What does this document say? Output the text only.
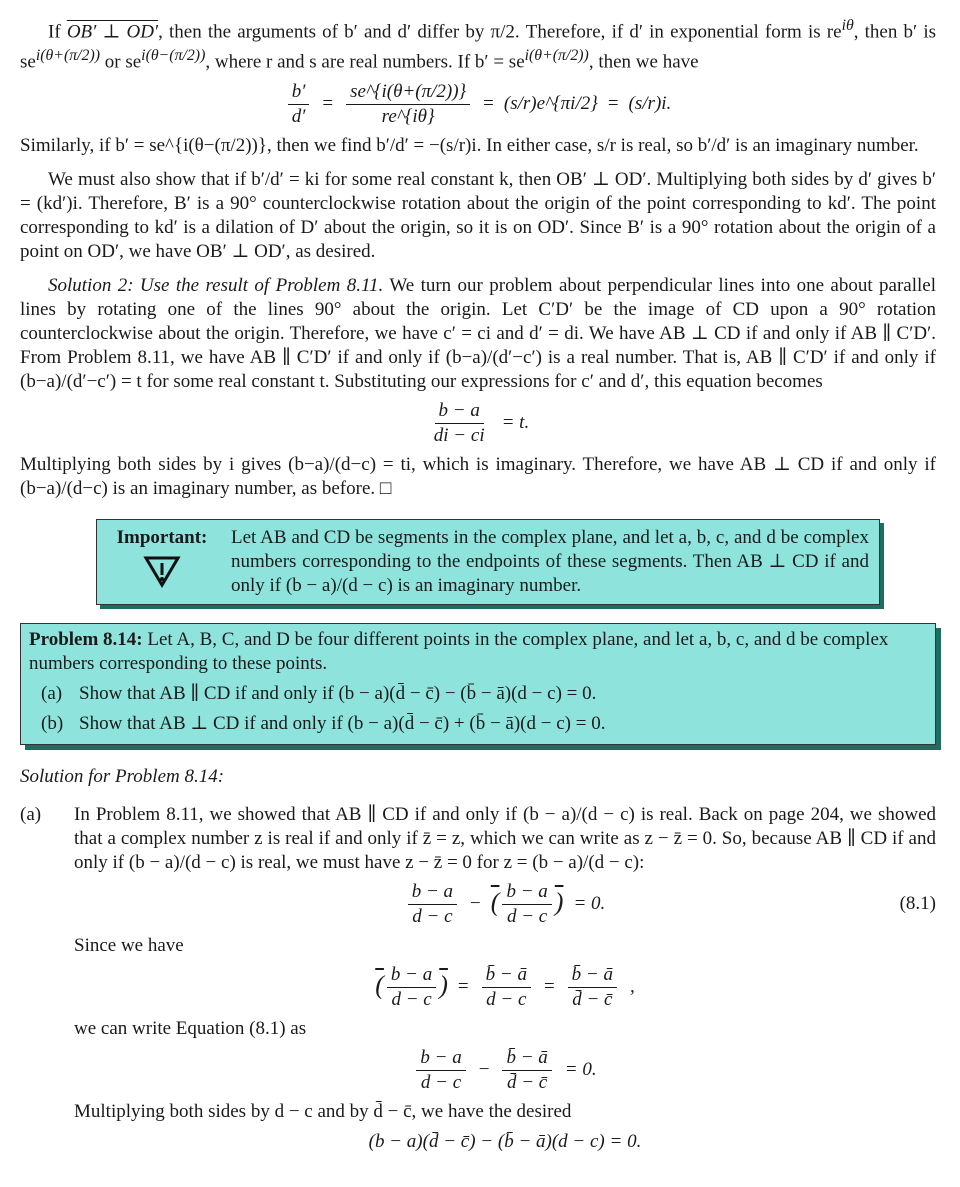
If OB′ ⊥ OD′, then the arguments of b′ and d′ differ by π/2. Therefore, if d′ in exponential form is $re^{i\theta}$, then b′ is $se^{i(\theta+(\pi/2))}$ or $se^{i(\theta-(\pi/2))}$, where r and s are real numbers. If $b' = se^{i(\theta+(\pi/2))}$, then we have

$\frac{b'}{d'} = \frac{se\^{}\{i(\theta+(\pi/2))\}}{re\^{}\{i\theta\}}$ = (s/r)e^{πi/2} = (s/r)i.

Similarly, if b′ = se^{i(θ−(π/2))}, then we find b′/d′ = −(s/r)i. In either case, s/r is real, so b′/d′ is an imaginary number.

We must also show that if b′/d′ = ki for some real constant k, then OB′ ⊥ OD′. Multiplying both sides by d′ gives b′ = (kd′)i. Therefore, B′ is a 90° counterclockwise rotation about the origin of the point corresponding to kd′. The point corresponding to kd′ is a dilation of D′ about the origin, so it is on OD′. Since B′ is a 90° rotation about the origin of a point on OD′, we have OB′ ⊥ OD′, as desired.

Solution 2: Use the result of Problem 8.11. We turn our problem about perpendicular lines into one about parallel lines by rotating one of the lines 90° about the origin. Let C′D′ be the image of CD upon a 90° rotation counterclockwise about the origin. Therefore, we have c′ = ci and d′ = di. We have AB ⊥ CD if and only if AB ∥ C′D′. From Problem 8.11, we have AB ∥ C′D′ if and only if (b−a)/(d′−c′) is a real number. That is, AB ∥ C′D′ if and only if (b−a)/(d′−c′) = t for some real constant t. Substituting our expressions for c′ and d′, this equation becomes

$\frac{b - a}{di - ci} = t$.

Multiplying both sides by i gives (b−a)/(d−c) = ti, which is imaginary. Therefore, we have AB ⊥ CD if and only if (b−a)/(d−c) is an imaginary number, as before. □

Important:	Let AB and CD be segments in the complex plane, and let a, b, c, and d be complex numbers corresponding to the endpoints of these segments. Then AB ⊥ CD if and only if (b − a)/(d − c) is an imaginary number.
Problem 8.14: Let A, B, C, and D be four different points in the complex plane, and let a, b, c, and d be complex numbers corresponding to these points.
(a) Show that AB ∥ CD if and only if (b − a)(d̄ − c̄) − (b̄ − ā)(d − c) = 0.
(b) Show that AB ⊥ CD if and only if (b − a)(d̄ − c̄) + (b̄ − ā)(d − c) = 0.
Solution for Problem 8.14:
(a)	In Problem 8.11, we showed that AB ∥ CD if and only if (b − a)/(d − c) is real. Back on page 204, we showed that a complex number z is real if and only if z̄ = z, which we can write as z − z̄ = 0. So, because AB ∥ CD if and only if (b − a)/(d − c) is real, we must have z − z̄ = 0 for z = (b − a)/(d − c):

$\frac{b - a}{d - c}$ − ( $\frac{b - a}{d - c}$ ) = 0.	(8.1)

Since we have

( $\frac{b - a}{d - c}$ ) = $\frac{b̄ - ā}{d - c} = \frac{b̄ - ā}{d̄ - c̄}$ ,

we can write Equation (8.1) as

$\frac{b - a}{d - c} - \frac{b̄ - ā}{d̄ - c̄} = 0$.

Multiplying both sides by d − c and by d̄ − c̄, we have the desired

(b − a)(d̄ − c̄) − (b̄ − ā)(d − c) = 0.
